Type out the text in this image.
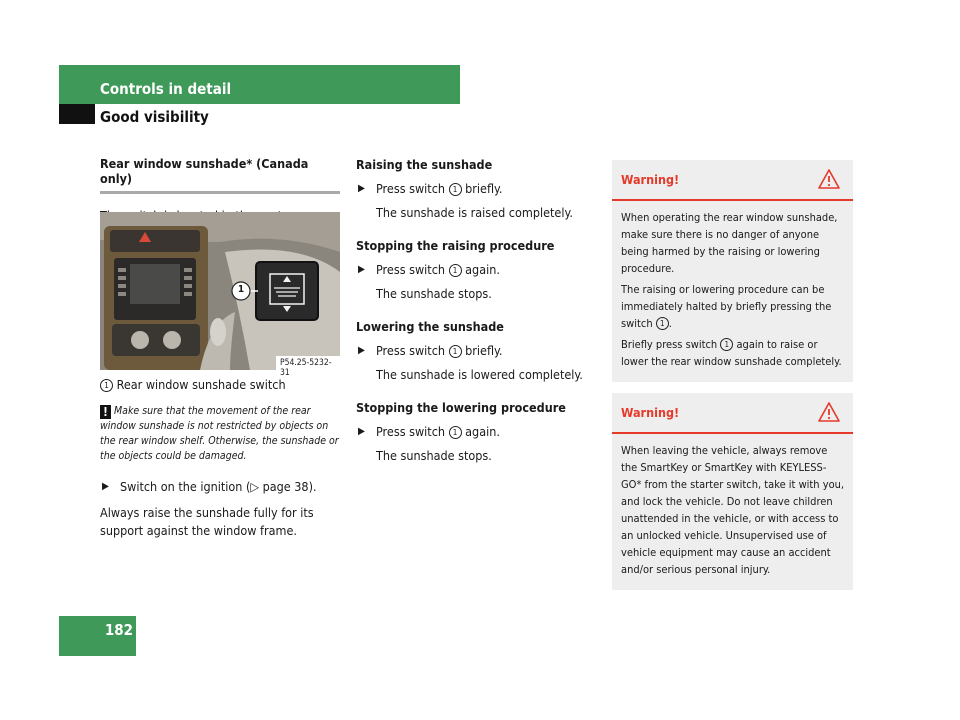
Controls in detail
Good visibility
Rear window sunshade* (Canada only)

1
P54.25-5232-31
1 Rear window sunshade switch
! Make sure that the movement of the rear window sunshade is not restricted by objects on the rear window shelf. Otherwise, the sunshade or the objects could be damaged.
▶ Switch on the ignition (▷ page 38).

Always raise the sunshade fully for its support against the window frame.

Raising the sunshade
▶ Press switch 1 briefly.
The sunshade is raised completely.
Stopping the raising procedure
▶ Press switch 1 again.
The sunshade stops.
Lowering the sunshade
▶ Press switch 1 briefly.
The sunshade is lowered completely.
Stopping the lowering procedure
▶ Press switch 1 again.
The sunshade stops.
Warning!

When operating the rear window sunshade, make sure there is no danger of anyone being harmed by the raising or lowering procedure.

The raising or lowering procedure can be immediately halted by briefly pressing the switch 1 .

Briefly press switch 1 again to raise or lower the rear window sunshade completely.

Warning!

When leaving the vehicle, always remove the SmartKey or SmartKey with KEYLESS-GO* from the starter switch, take it with you, and lock the vehicle. Do not leave children unattended in the vehicle, or with access to an unlocked vehicle. Unsupervised use of vehicle equipment may cause an accident and/or serious personal injury.

182
